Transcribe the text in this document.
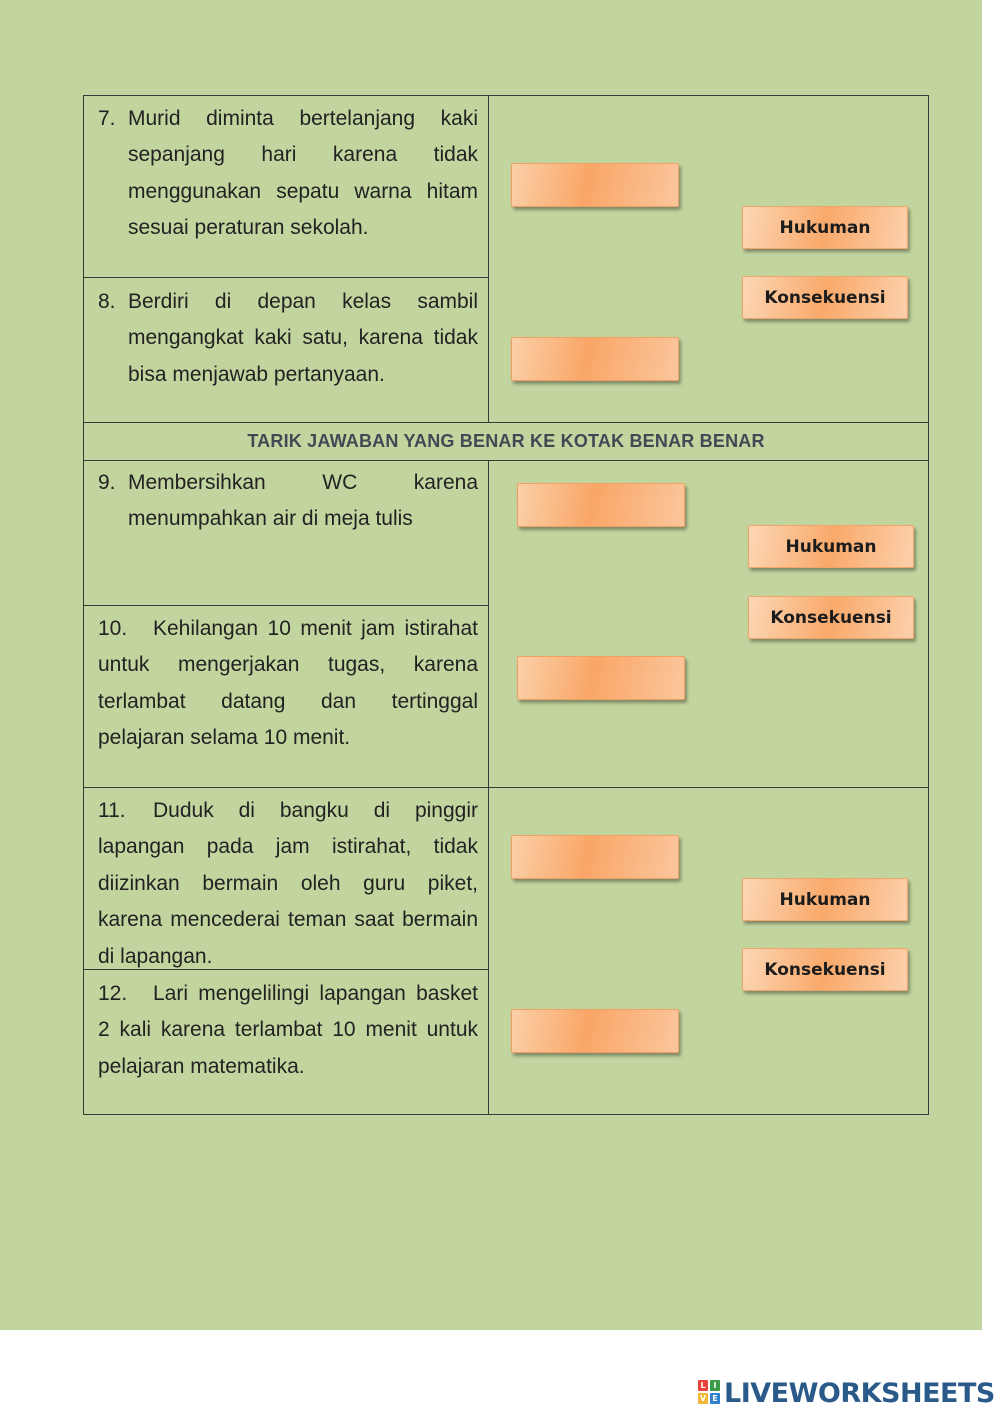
TARIK JAWABAN YANG BENAR KE KOTAK BENAR BENAR
7. Murid diminta bertelanjang kaki sepanjang hari karena tidak menggunakan sepatu warna hitam sesuai peraturan sekolah.
8. Berdiri di depan kelas sambil mengangkat kaki satu, karena tidak bisa menjawab pertanyaan.
9. Membersihkan WC karena menumpahkan air di meja tulis
10.	Kehilangan 10 menit jam istirahat untuk mengerjakan tugas, karena terlambat datang dan tertinggal pelajaran selama 10 menit.
11.	Duduk di bangku di pinggir lapangan pada jam istirahat, tidak diizinkan bermain oleh guru piket, karena mencederai teman saat bermain di lapangan.
12.	Lari mengelilingi lapangan basket 2 kali karena terlambat 10 menit untuk pelajaran matematika.
Hukuman
Konsekuensi
Hukuman
Konsekuensi
Hukuman
Konsekuensi
L I
V E LIVEWORKSHEETS
